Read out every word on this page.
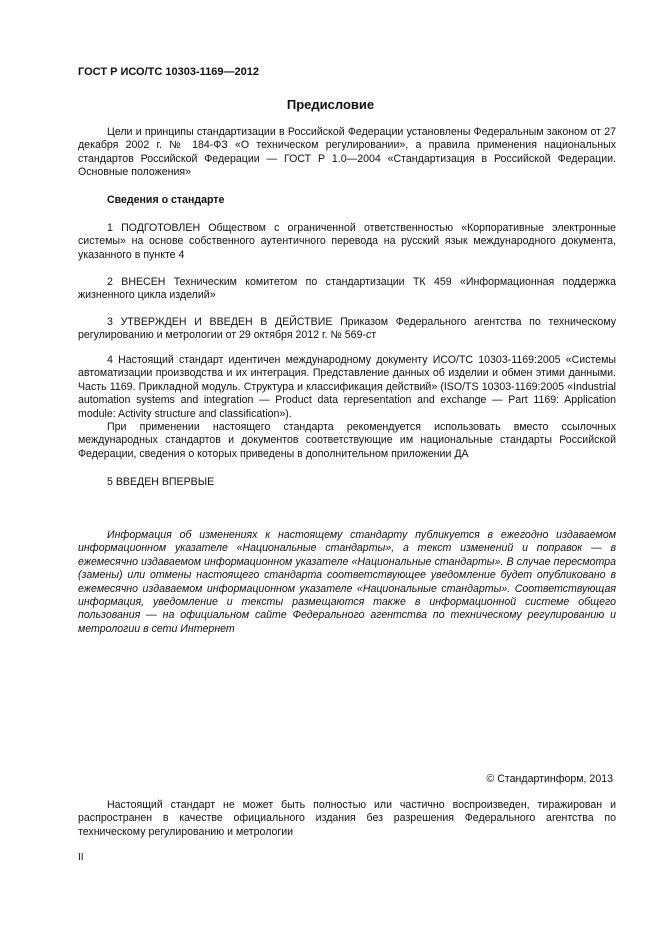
ГОСТ Р ИСО/ТС 10303-1169—2012
Предисловие

Цели и принципы стандартизации в Российской Федерации установлены Федеральным законом от 27 декабря 2002 г. № 184-ФЗ «О техническом регулировании», а правила применения национальных стандартов Российской Федерации — ГОСТ Р 1.0—2004 «Стандартизация в Российской Федерации. Основные положения»

Сведения о стандарте

1 ПОДГОТОВЛЕН Обществом с ограниченной ответственностью «Корпоративные электронные системы» на основе собственного аутентичного перевода на русский язык международного документа, указанного в пункте 4

2 ВНЕСЕН Техническим комитетом по стандартизации ТК 459 «Информационная поддержка жизненного цикла изделий»

3 УТВЕРЖДЕН И ВВЕДЕН В ДЕЙСТВИЕ Приказом Федерального агентства по техническому регулированию и метрологии от 29 октября 2012 г. № 569-ст

4 Настоящий стандарт идентичен международному документу ИСО/ТС 10303-1169:2005 «Системы автоматизации производства и их интеграция. Представление данных об изделии и обмен этими данными. Часть 1169. Прикладной модуль. Структура и классификация действий» (ISO/TS 10303-1169:2005 «Industrial automation systems and integration — Product data representation and exchange — Part 1169: Application module: Activity structure and classification»).

При применении настоящего стандарта рекомендуется использовать вместо ссылочных международных стандартов и документов соответствующие им национальные стандарты Российской Федерации, сведения о которых приведены в дополнительном приложении ДА

5 ВВЕДЕН ВПЕРВЫЕ

Информация об изменениях к настоящему стандарту публикуется в ежегодно издаваемом информационном указателе «Национальные стандарты», а текст изменений и поправок — в ежемесячно издаваемом информационном указателе «Национальные стандарты». В случае пересмотра (замены) или отмены настоящего стандарта соответствующее уведомление будет опубликовано в ежемесячно издаваемом информационном указателе «Национальные стандарты». Соответствующая информация, уведомление и тексты размещаются также в информационной системе общего пользования — на официальном сайте Федерального агентства по техническому регулированию и метрологии в сети Интернет

© Стандартинформ, 2013

Настоящий стандарт не может быть полностью или частично воспроизведен, тиражирован и распространен в качестве официального издания без разрешения Федерального агентства по техническому регулированию и метрологии

II
